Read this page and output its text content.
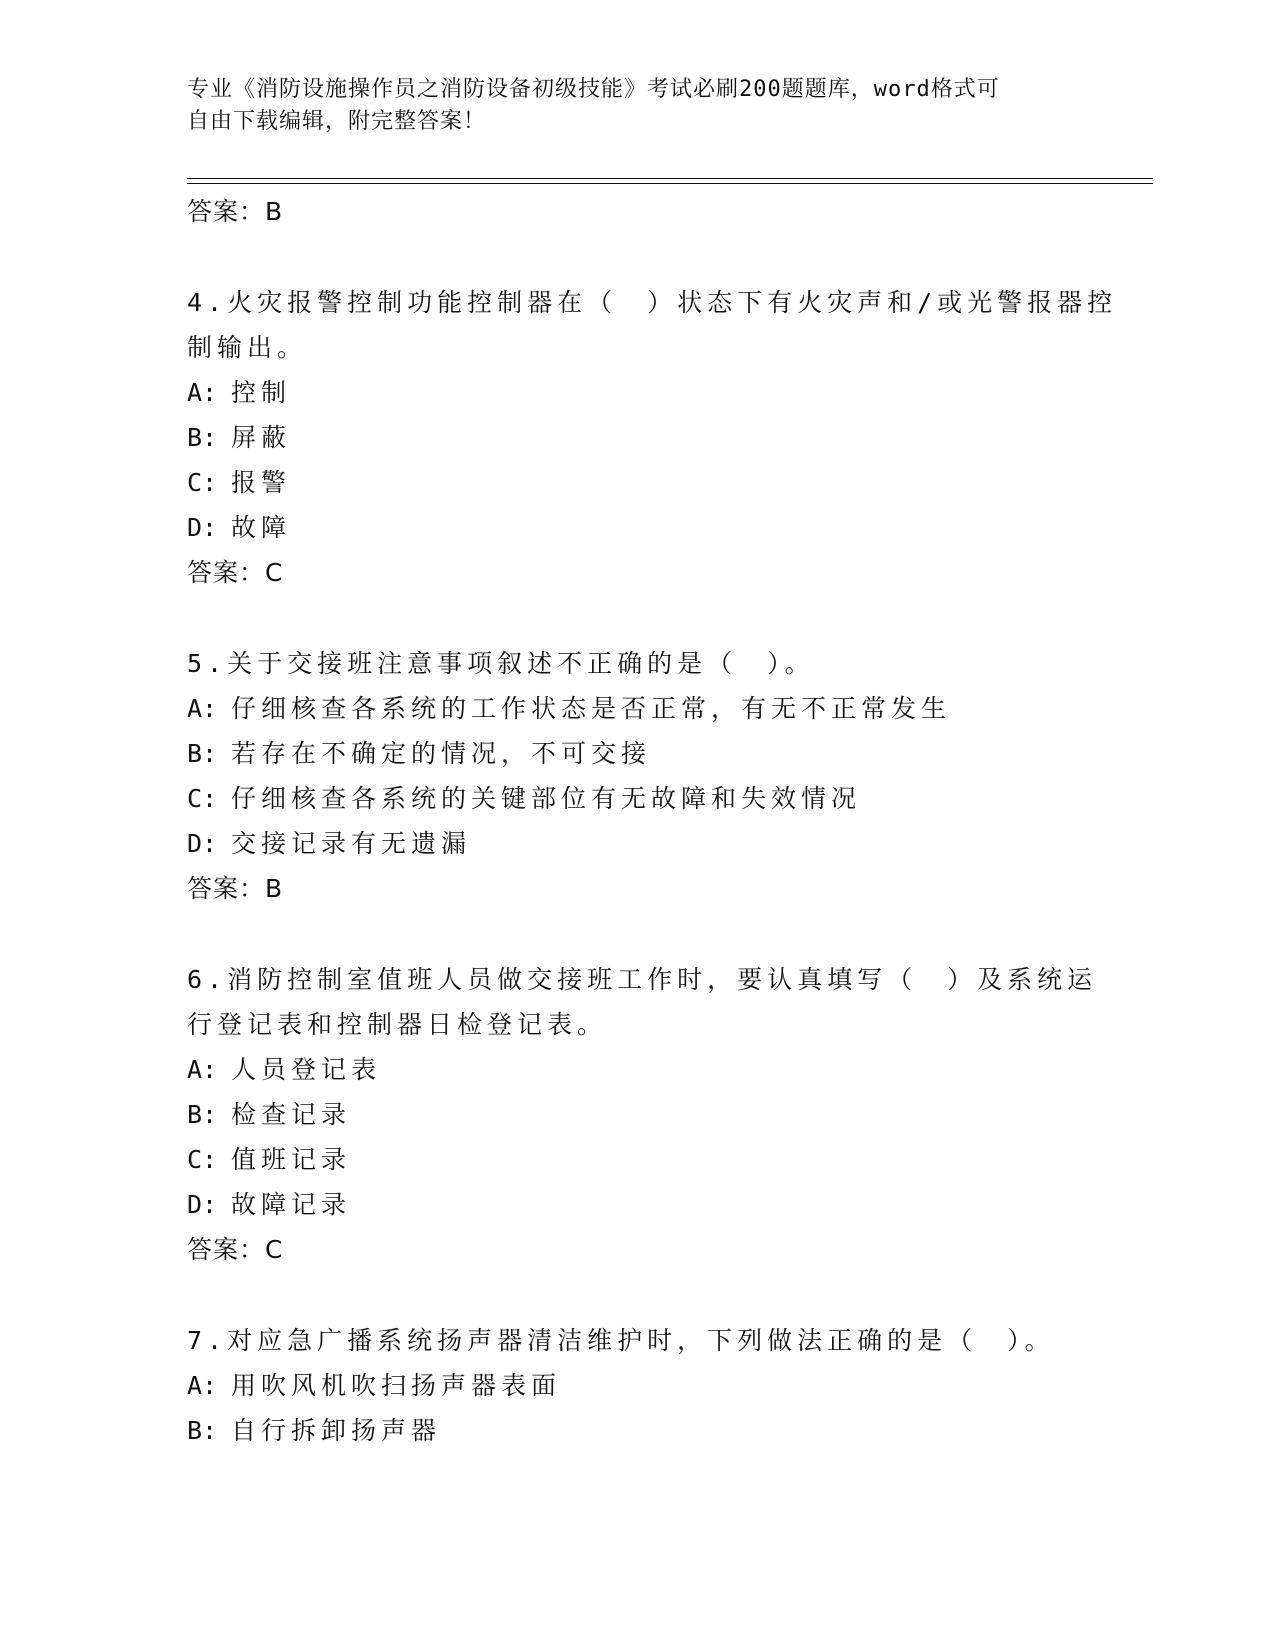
专业《消防设施操作员之消防设备初级技能》考试必刷200题题库，word格式可
自由下载编辑，附完整答案！
答案：B
4.火灾报警控制功能控制器在（　）状态下有火灾声和/或光警报器控
制输出。
A: 控制
B: 屏蔽
C: 报警
D: 故障
答案：C
5.关于交接班注意事项叙述不正确的是（　）。
A: 仔细核查各系统的工作状态是否正常，有无不正常发生
B: 若存在不确定的情况，不可交接
C: 仔细核查各系统的关键部位有无故障和失效情况
D: 交接记录有无遗漏
答案：B
6.消防控制室值班人员做交接班工作时，要认真填写（　）及系统运
行登记表和控制器日检登记表。
A: 人员登记表
B: 检查记录
C: 值班记录
D: 故障记录
答案：C
7.对应急广播系统扬声器清洁维护时，下列做法正确的是（　）。
A: 用吹风机吹扫扬声器表面
B: 自行拆卸扬声器
